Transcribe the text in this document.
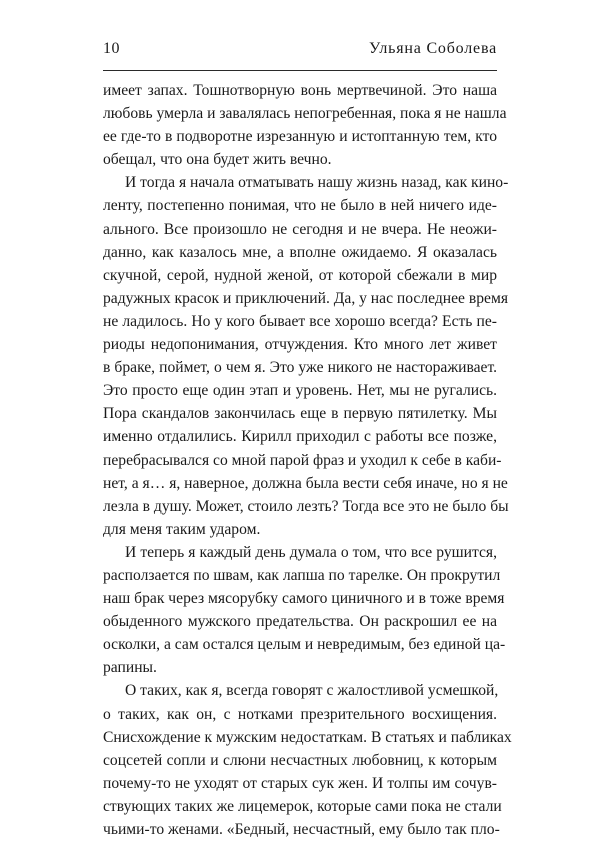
10	Ульяна Соболева
имеет запах. Тошнотворную вонь мертвечиной. Это наша
любовь умерла и завалялась непогребенная, пока я не нашла
ее где-то в подворотне изрезанную и истоптанную тем, кто
обещал, что она будет жить вечно.
И тогда я начала отматывать нашу жизнь назад, как кино-
ленту, постепенно понимая, что не было в ней ничего иде-
ального. Все произошло не сегодня и не вчера. Не неожи-
данно, как казалось мне, а вполне ожидаемо. Я оказалась
скучной, серой, нудной женой, от которой сбежали в мир
радужных красок и приключений. Да, у нас последнее время
не ладилось. Но у кого бывает все хорошо всегда? Есть пе-
риоды недопонимания, отчуждения. Кто много лет живет
в браке, поймет, о чем я. Это уже никого не настораживает.
Это просто еще один этап и уровень. Нет, мы не ругались.
Пора скандалов закончилась еще в первую пятилетку. Мы
именно отдалились. Кирилл приходил с работы все позже,
перебрасывался со мной парой фраз и уходил к себе в каби-
нет, а я… я, наверное, должна была вести себя иначе, но я не
лезла в душу. Может, стоило лезть? Тогда все это не было бы
для меня таким ударом.
И теперь я каждый день думала о том, что все рушится,
расползается по швам, как лапша по тарелке. Он прокрутил
наш брак через мясорубку самого циничного и в тоже время
обыденного мужского предательства. Он раскрошил ее на
осколки, а сам остался целым и невредимым, без единой ца-
рапины.
О таких, как я, всегда говорят с жалостливой усмешкой,
о таких, как он, с нотками презрительного восхищения.
Снисхождение к мужским недостаткам. В статьях и пабликах
соцсетей сопли и слюни несчастных любовниц, к которым
почему-то не уходят от старых сук жен. И толпы им сочув-
ствующих таких же лицемерок, которые сами пока не стали
чьими-то женами. «Бедный, несчастный, ему было так пло-
